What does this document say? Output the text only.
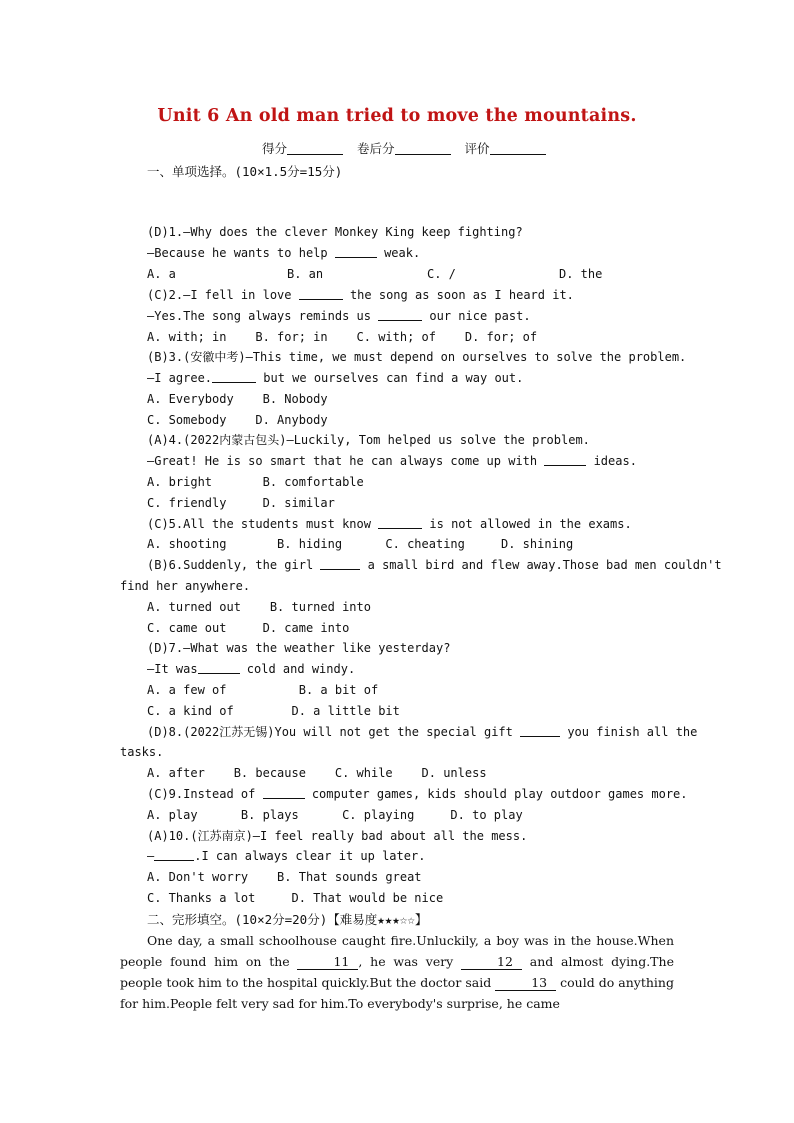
Unit 6 An old man tried to move the mountains.
得分	卷后分	评价
一、单项选择。(10×1.5分=15分)
(D)1.—Why does the clever Monkey King keep fighting?
—Because he wants to help	weak.
A. a	B. an	C. /	D. the
(C)2.—I fell in love	the song as soon as I heard it.
—Yes.The song always reminds us	our nice past.
A. with; in    B. for; in    C. with; of    D. for; of
(B)3.(安徽中考)—This time, we must depend on ourselves to solve the problem.
—I agree.	but we ourselves can find a way out.
A. Everybody    B. Nobody
C. Somebody    D. Anybody
(A)4.(2022内蒙古包头)—Luckily, Tom helped us solve the problem.
—Great! He is so smart that he can always come up with	ideas.
A. bright       B. comfortable
C. friendly     D. similar
(C)5.All the students must know	is not allowed in the exams.
A. shooting       B. hiding      C. cheating     D. shining
(B)6.Suddenly, the girl	a small bird and flew away.Those bad men couldn't
find her anywhere.
A. turned out    B. turned into
C. came out     D. came into
(D)7.—What was the weather like yesterday?
—It was	cold and windy.
A. a few of          B. a bit of
C. a kind of        D. a little bit
(D)8.(2022江苏无锡)You will not get the special gift	you finish all the
tasks.
A. after    B. because    C. while    D. unless
(C)9.Instead of	computer games, kids should play outdoor games more.
A. play      B. plays      C. playing     D. to play
(A)10.(江苏南京)—I feel really bad about all the mess.
—	.I can always clear it up later.
A. Don't worry    B. That sounds great
C. Thanks a lot     D. That would be nice
二、完形填空。(10×2分=20分)【难易度★★★☆☆】

One day, a small schoolhouse caught fire.Unluckily, a boy was in the house.When people found him on the	11 , he was very	12 and almost dying.The people took him to the hospital quickly.But the doctor said	13 could do anything for him.People felt very sad for him.To everybody's surprise, he came
